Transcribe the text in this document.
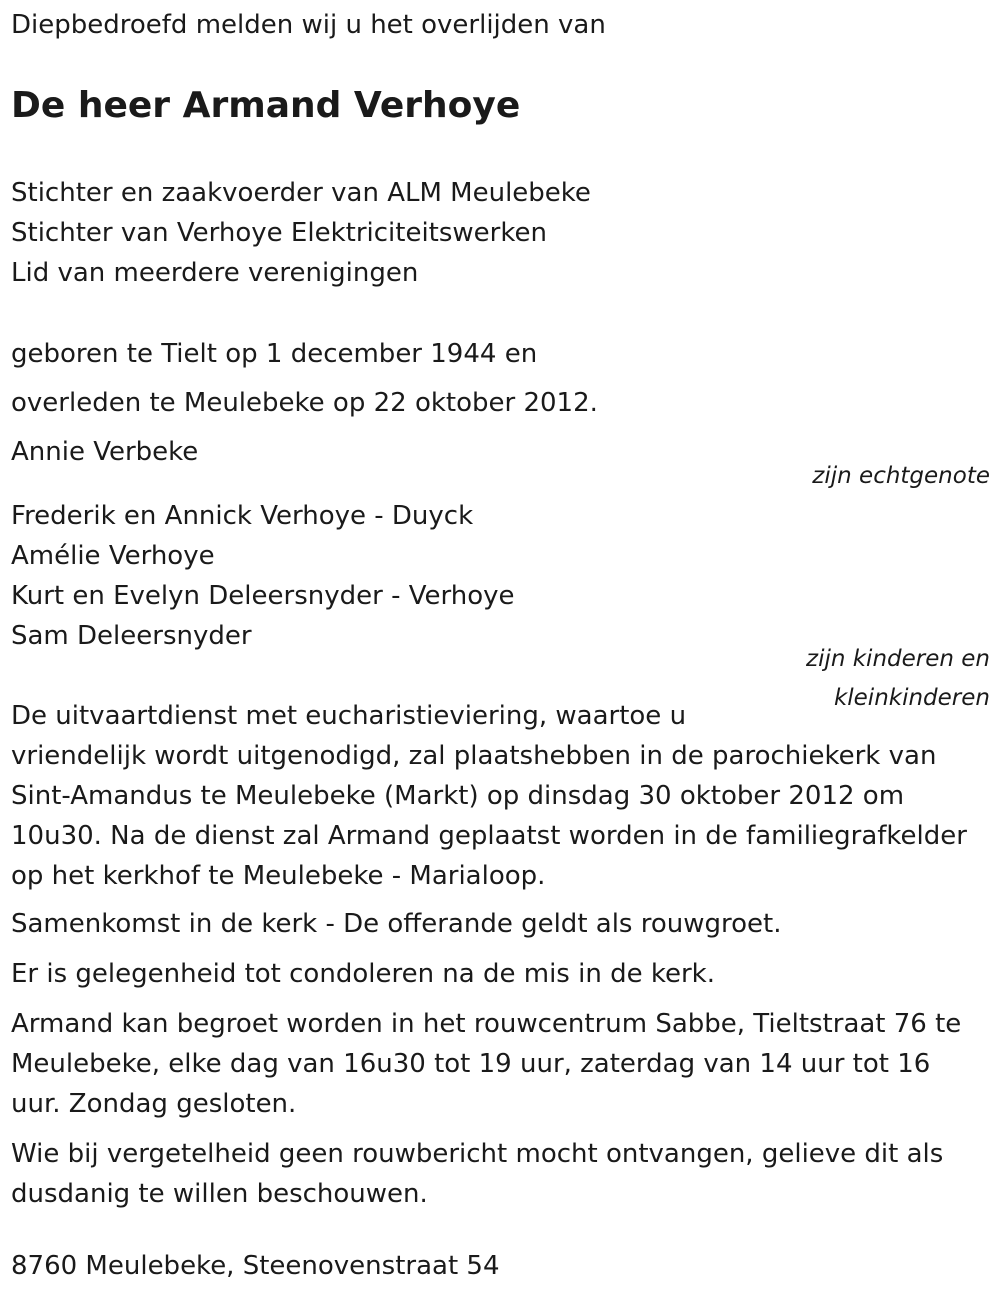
Diepbedroefd melden wij u het overlijden van

De heer Armand Verhoye
Stichter en zaakvoerder van ALM Meulebeke
Stichter van Verhoye Elektriciteitswerken
Lid van meerdere verenigingen

geboren te Tielt op 1 december 1944 en

overleden te Meulebeke op 22 oktober 2012.

Annie Verbeke

zijn echtgenote

Frederik en Annick Verhoye - Duyck
Amélie Verhoye
Kurt en Evelyn Deleersnyder - Verhoye
Sam Deleersnyder
zijn kinderen en
kleinkinderen
De uitvaartdienst met eucharistieviering, waartoe u
vriendelijk wordt uitgenodigd, zal plaatshebben in de parochiekerk van Sint-Amandus te Meulebeke (Markt) op dinsdag 30 oktober 2012 om 10u30. Na de dienst zal Armand geplaatst worden in de familiegrafkelder op het kerkhof te Meulebeke - Marialoop.

Samenkomst in de kerk - De offerande geldt als rouwgroet.

Er is gelegenheid tot condoleren na de mis in de kerk.

Armand kan begroet worden in het rouwcentrum Sabbe, Tieltstraat 76 te Meulebeke, elke dag van 16u30 tot 19 uur, zaterdag van 14 uur tot 16 uur. Zondag gesloten.

Wie bij vergetelheid geen rouwbericht mocht ontvangen, gelieve dit als dusdanig te willen beschouwen.

8760 Meulebeke, Steenovenstraat 54
